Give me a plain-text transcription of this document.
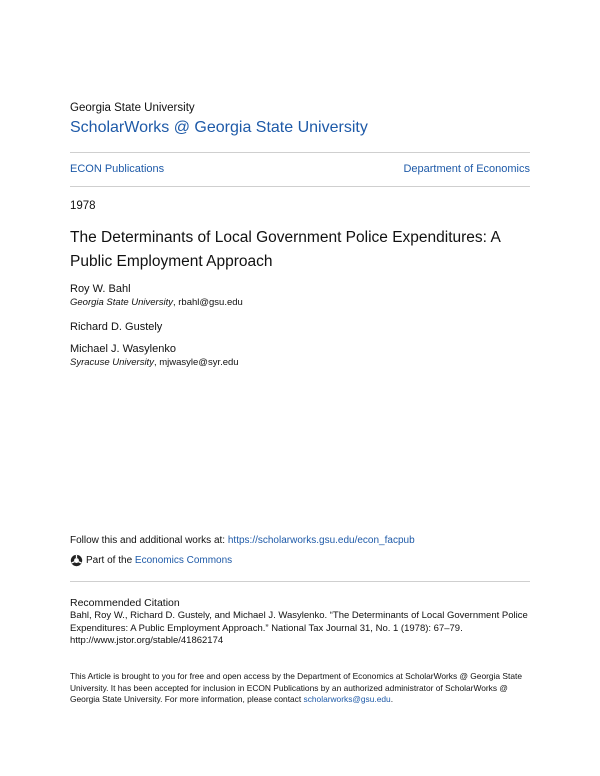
Georgia State University
ScholarWorks @ Georgia State University
ECON Publications	Department of Economics
1978
The Determinants of Local Government Police Expenditures: A Public Employment Approach
Roy W. Bahl
Georgia State University, rbahl@gsu.edu
Richard D. Gustely
Michael J. Wasylenko
Syracuse University, mjwasyle@syr.edu
Follow this and additional works at: https://scholarworks.gsu.edu/econ_facpub
Part of the
Economics Commons
Recommended Citation
Bahl, Roy W., Richard D. Gustely, and Michael J. Wasylenko. “The Determinants of Local Government Police Expenditures: A Public Employment Approach.” National Tax Journal 31, No. 1 (1978): 67–79. http://www.jstor.org/stable/41862174
This Article is brought to you for free and open access by the Department of Economics at ScholarWorks @ Georgia State University. It has been accepted for inclusion in ECON Publications by an authorized administrator of ScholarWorks @ Georgia State University. For more information, please contact scholarworks@gsu.edu.
